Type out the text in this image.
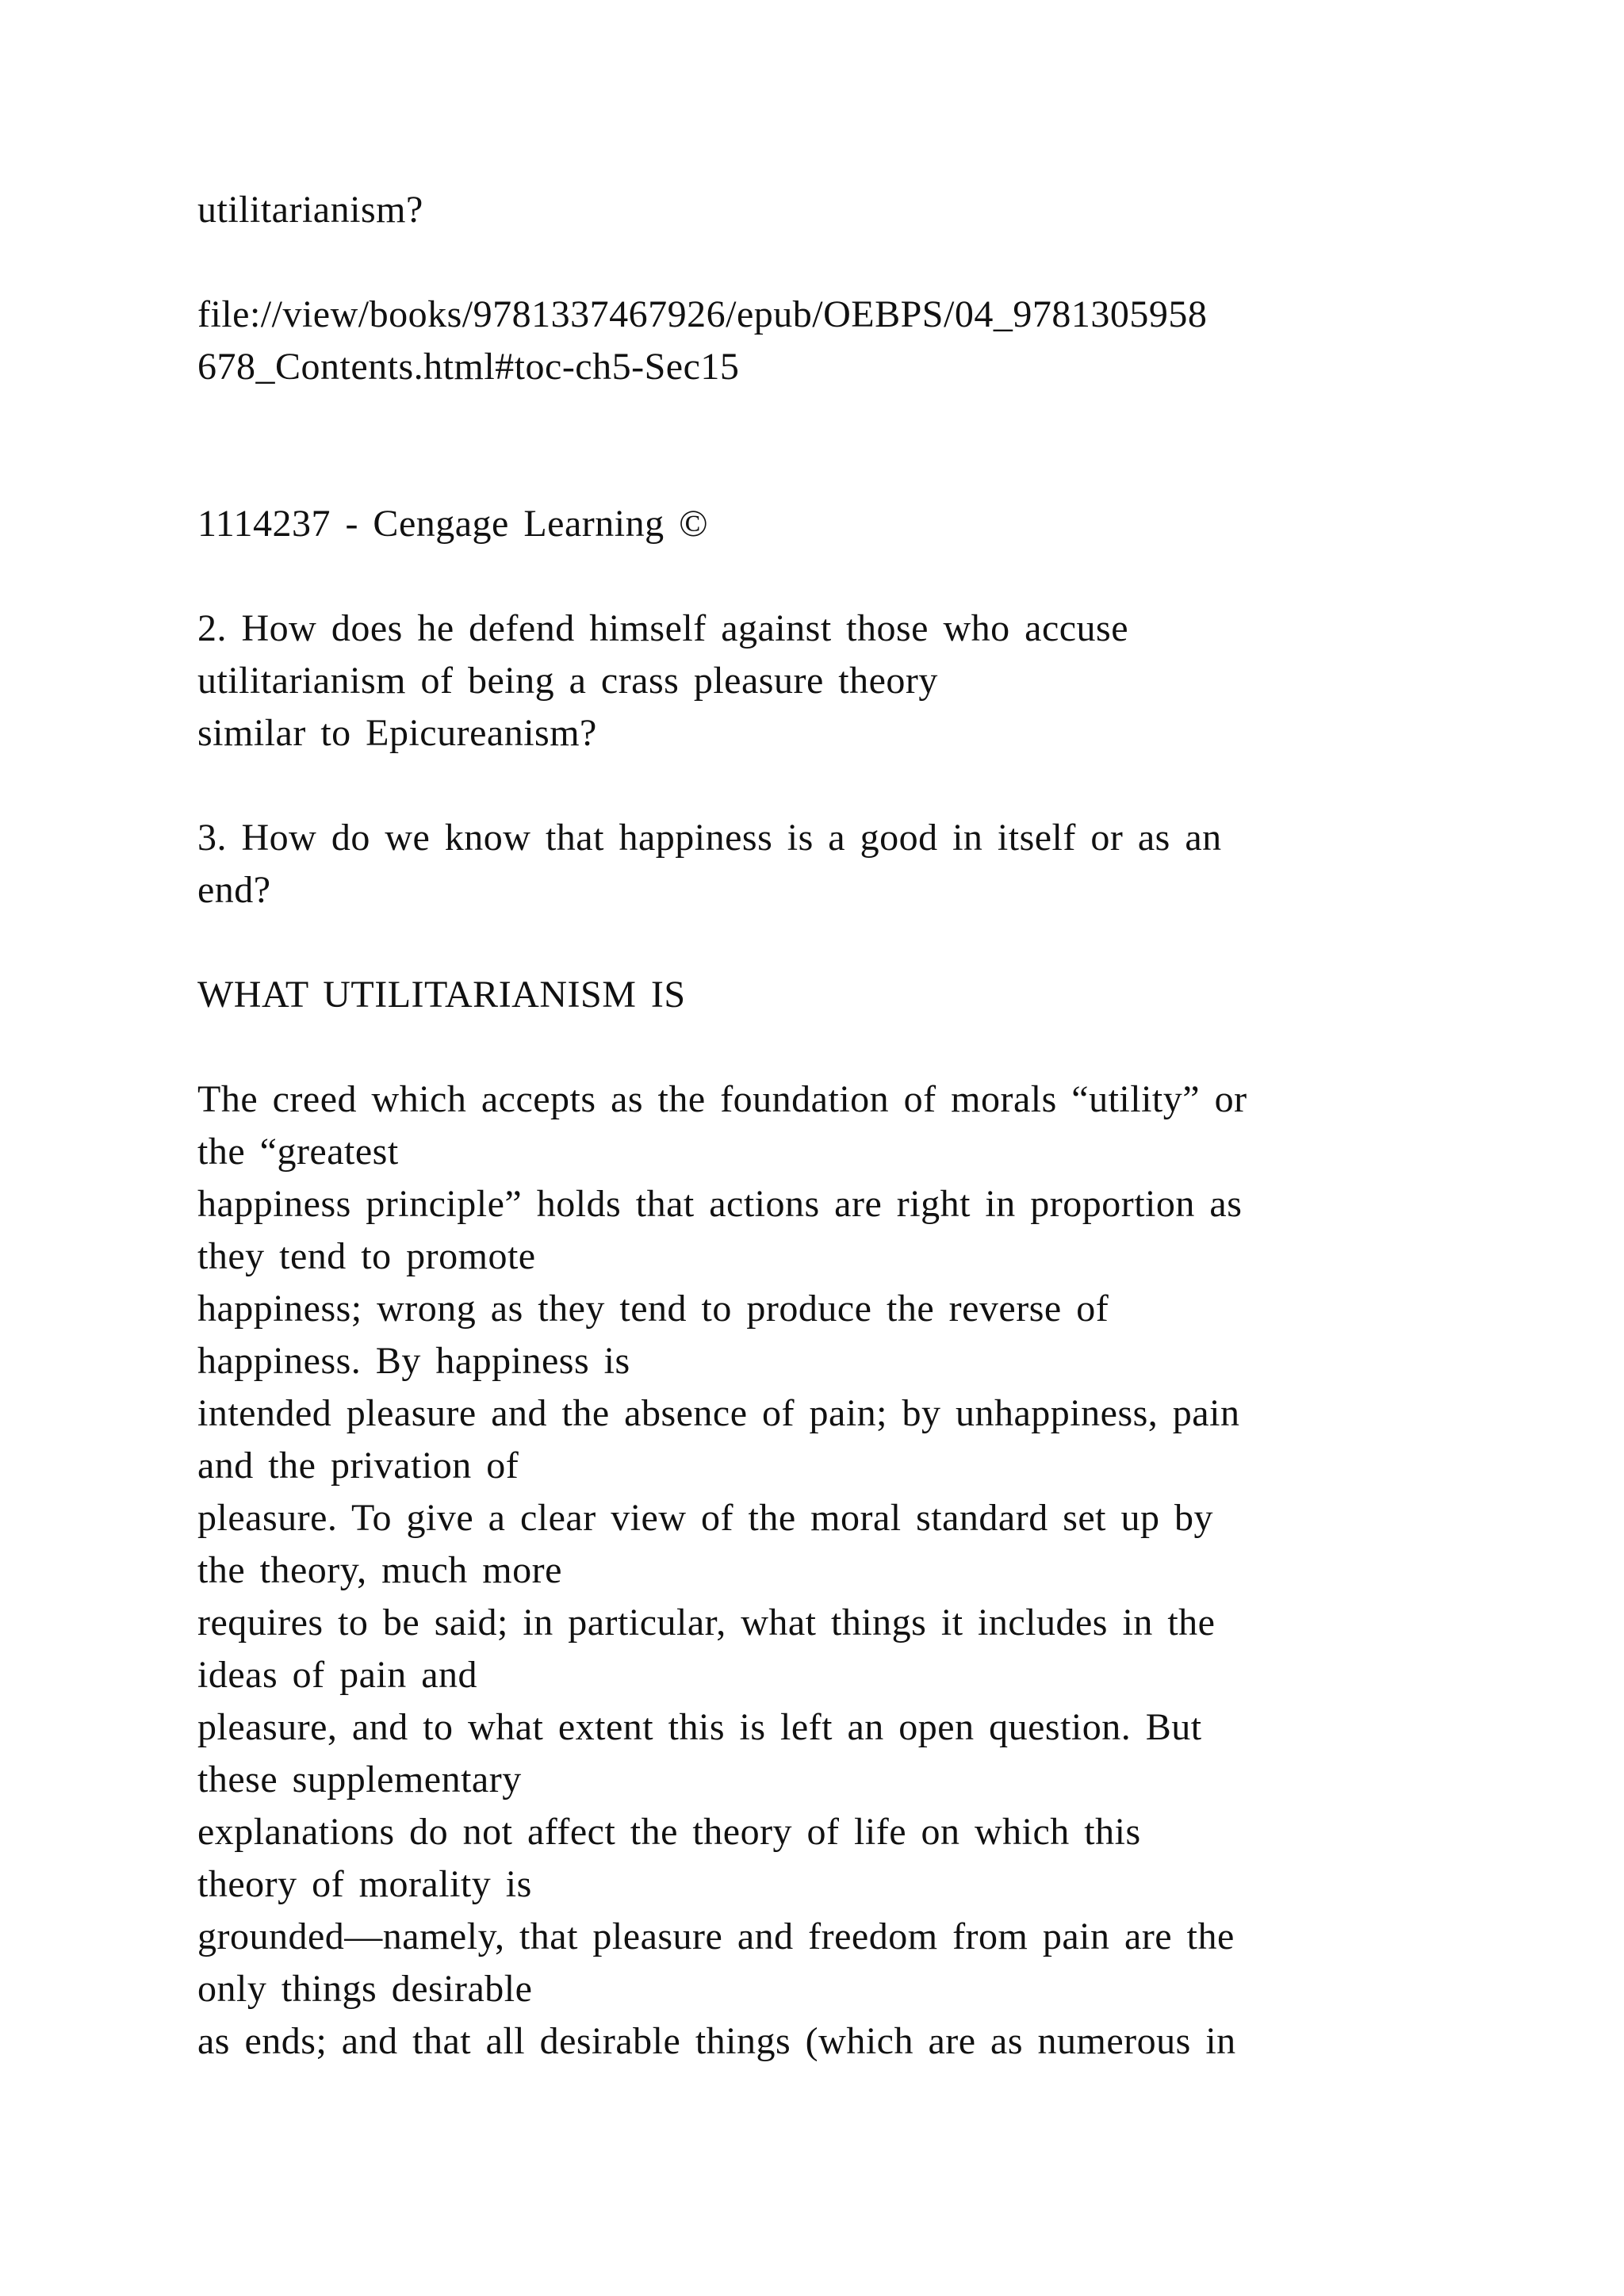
utilitarianism?
file://view/books/9781337467926/epub/OEBPS/04_9781305958
678_Contents.html#toc-ch5-Sec15
1114237 - Cengage Learning ©
2. How does he defend himself against those who accuse
utilitarianism of being a crass pleasure theory
similar to Epicureanism?
3. How do we know that happiness is a good in itself or as an
end?
WHAT UTILITARIANISM IS
The creed which accepts as the foundation of morals “utility” or
the “greatest
happiness principle” holds that actions are right in proportion as
they tend to promote
happiness; wrong as they tend to produce the reverse of
happiness. By happiness is
intended pleasure and the absence of pain; by unhappiness, pain
and the privation of
pleasure. To give a clear view of the moral standard set up by
the theory, much more
requires to be said; in particular, what things it includes in the
ideas of pain and
pleasure, and to what extent this is left an open question. But
these supplementary
explanations do not affect the theory of life on which this
theory of morality is
grounded—namely, that pleasure and freedom from pain are the
only things desirable
as ends; and that all desirable things (which are as numerous in
